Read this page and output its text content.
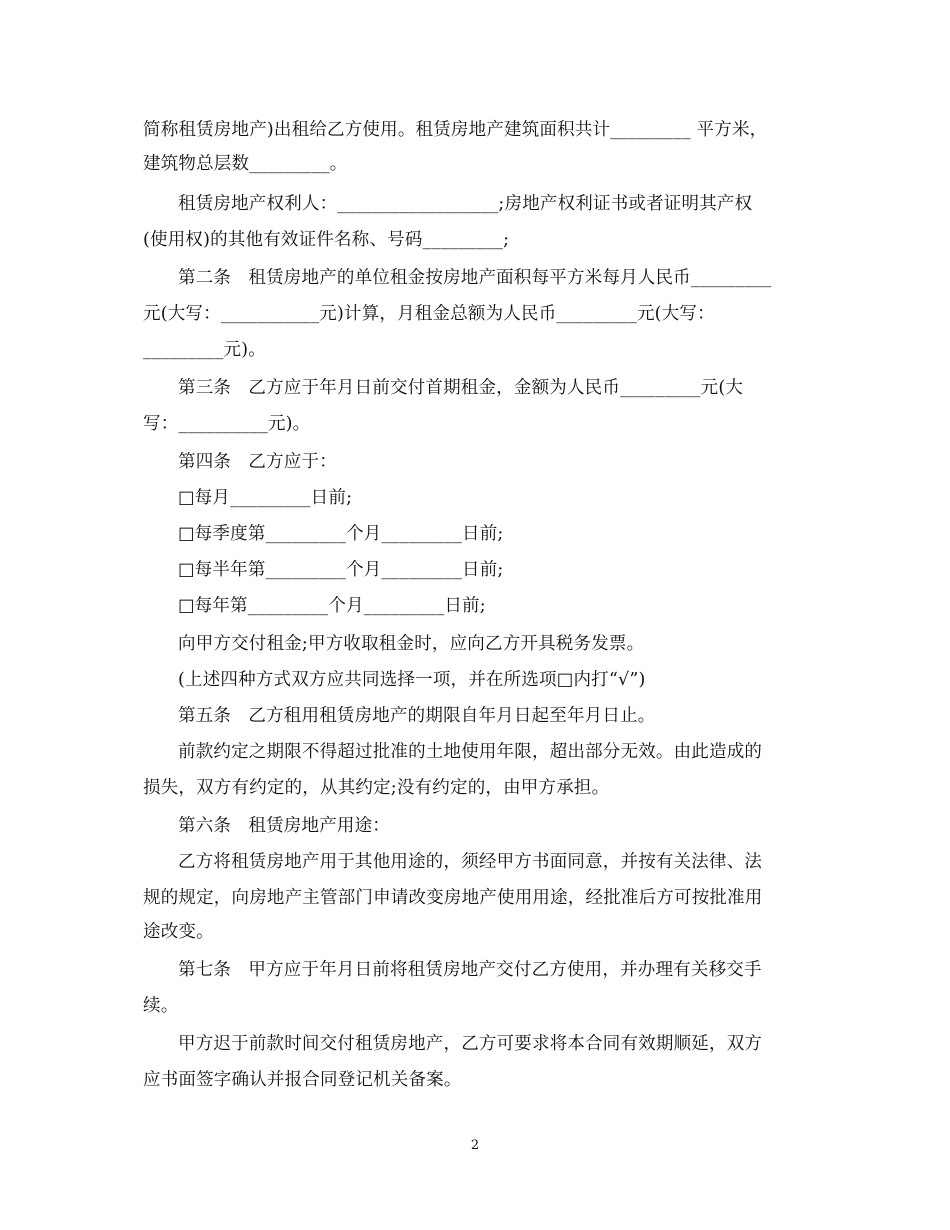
简称租赁房地产)出租给乙方使用。租赁房地产建筑面积共计_________ 平方米，
建筑物总层数_________。
租赁房地产权利人：__________________;房地产权利证书或者证明其产权
(使用权)的其他有效证件名称、号码_________;
第二条   租赁房地产的单位租金按房地产面积每平方米每月人民币_________
元(大写：___________元)计算，月租金总额为人民币_________元(大写：
_________元)。
第三条   乙方应于年月日前交付首期租金，金额为人民币_________元(大
写：__________元)。
第四条   乙方应于：
□每月_________日前;
□每季度第_________个月_________日前;
□每半年第_________个月_________日前;
□每年第_________个月_________日前;
向甲方交付租金;甲方收取租金时，应向乙方开具税务发票。
(上述四种方式双方应共同选择一项，并在所选项□内打“√”)
第五条   乙方租用租赁房地产的期限自年月日起至年月日止。
前款约定之期限不得超过批准的土地使用年限，超出部分无效。由此造成的
损失，双方有约定的，从其约定;没有约定的，由甲方承担。
第六条   租赁房地产用途：
乙方将租赁房地产用于其他用途的，须经甲方书面同意，并按有关法律、法
规的规定，向房地产主管部门申请改变房地产使用用途，经批准后方可按批准用
途改变。
第七条   甲方应于年月日前将租赁房地产交付乙方使用，并办理有关移交手
续。
甲方迟于前款时间交付租赁房地产，乙方可要求将本合同有效期顺延，双方
应书面签字确认并报合同登记机关备案。
2
